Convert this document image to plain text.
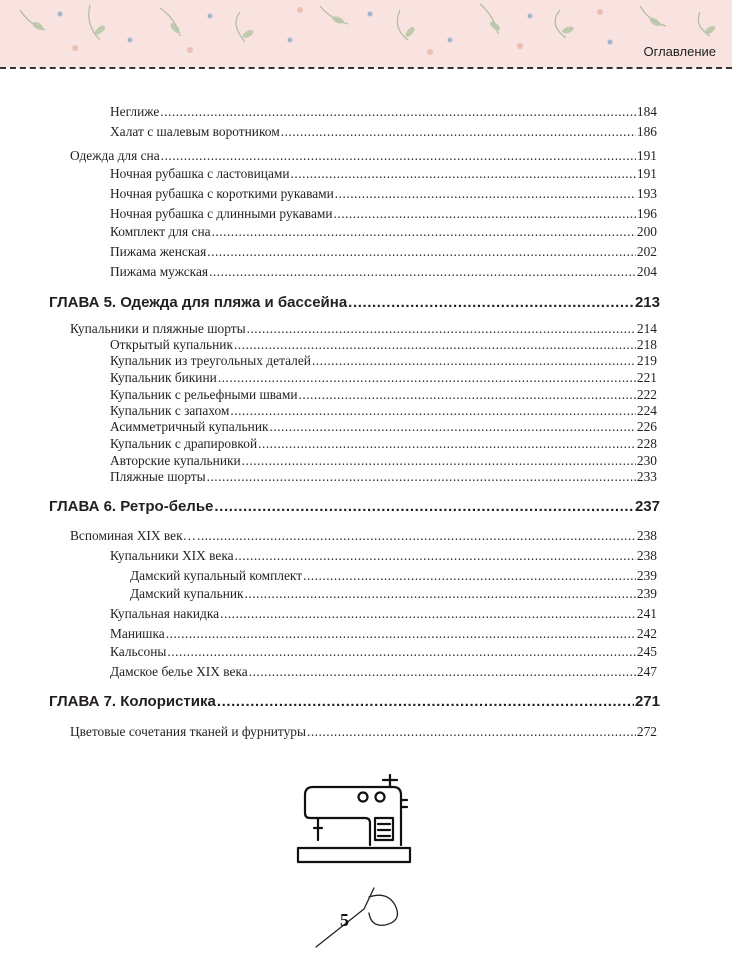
Оглавление
Неглиже .....	184
Халат с шалевым воротником .....	186
Одежда для сна .....	191
Ночная рубашка с ластовицами .....	191
Ночная рубашка с короткими рукавами .....	193
Ночная рубашка с длинными рукавами .....	196
Комплект для сна .....	200
Пижама женская .....	202
Пижама мужская .....	204
ГЛАВА 5. Одежда для пляжа и бассейна .....	213
Купальники и пляжные шорты .....	214
Открытый купальник .....	218
Купальник из треугольных деталей .....	219
Купальник бикини .....	221
Купальник с рельефными швами .....	222
Купальник с запахом .....	224
Асимметричный купальник .....	226
Купальник с драпировкой .....	228
Авторские купальники .....	230
Пляжные шорты .....	233
ГЛАВА 6. Ретро-белье .....	237
Вспоминая XIX век… .....	238
Купальники XIX века .....	238
Дамский купальный комплект .....	239
Дамский купальник .....	239
Купальная накидка .....	241
Манишка .....	242
Кальсоны .....	245
Дамское белье XIX века .....	247
ГЛАВА 7. Колористика .....	271
Цветовые сочетания тканей и фурнитуры .....	272
5
